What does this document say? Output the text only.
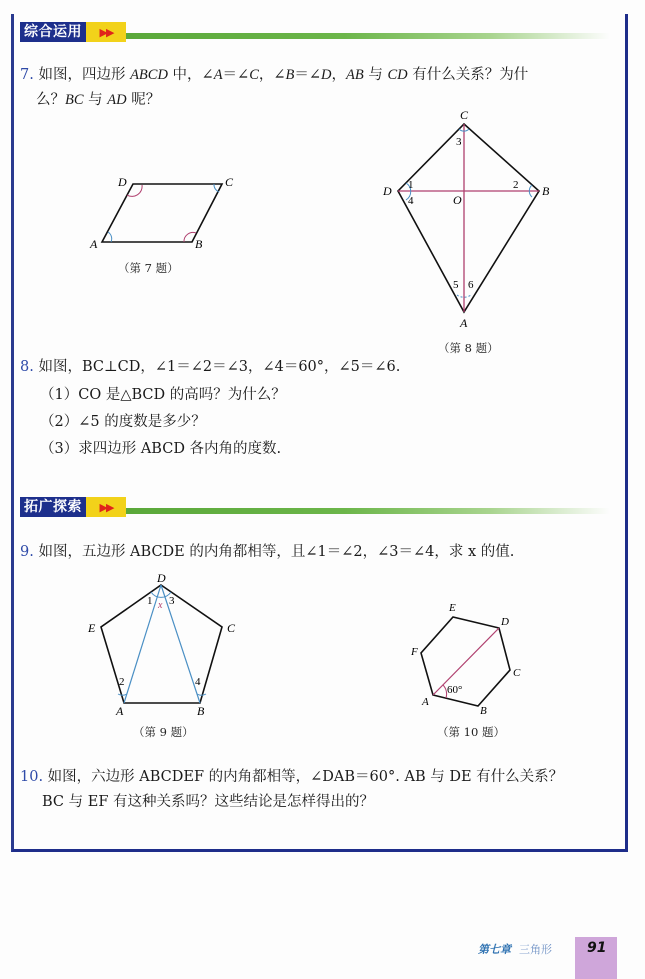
综合运用	▶▶
7. 如图，四边形 ABCD 中，∠A＝∠C，∠B＝∠D，AB 与 CD 有什么关系？为什
么？BC 与 AD 呢？
A	B
C
D
（第 7 题）
C
B
D
O
A
1	2
3
4
5 6
（第 8 题）
8. 如图，BC⊥CD，∠1＝∠2＝∠3，∠4＝60°，∠5＝∠6.
（1）CO 是△BCD 的高吗？为什么？
（2）∠5 的度数是多少？
（3）求四边形 ABCD 各内角的度数.
拓广探索	▶▶
9. 如图，五边形 ABCDE 的内角都相等，且∠1＝∠2，∠3＝∠4，求 x 的值.
D
C
E
A	B
1
2
3
4
x
（第 9 题）
E
D
C
B
A
F
60°
（第 10 题）
10. 如图，六边形 ABCDEF 的内角都相等，∠DAB＝60°. AB 与 DE 有什么关系？
BC 与 EF 有这种关系吗？这些结论是怎样得出的？
第七章 三角形	91
